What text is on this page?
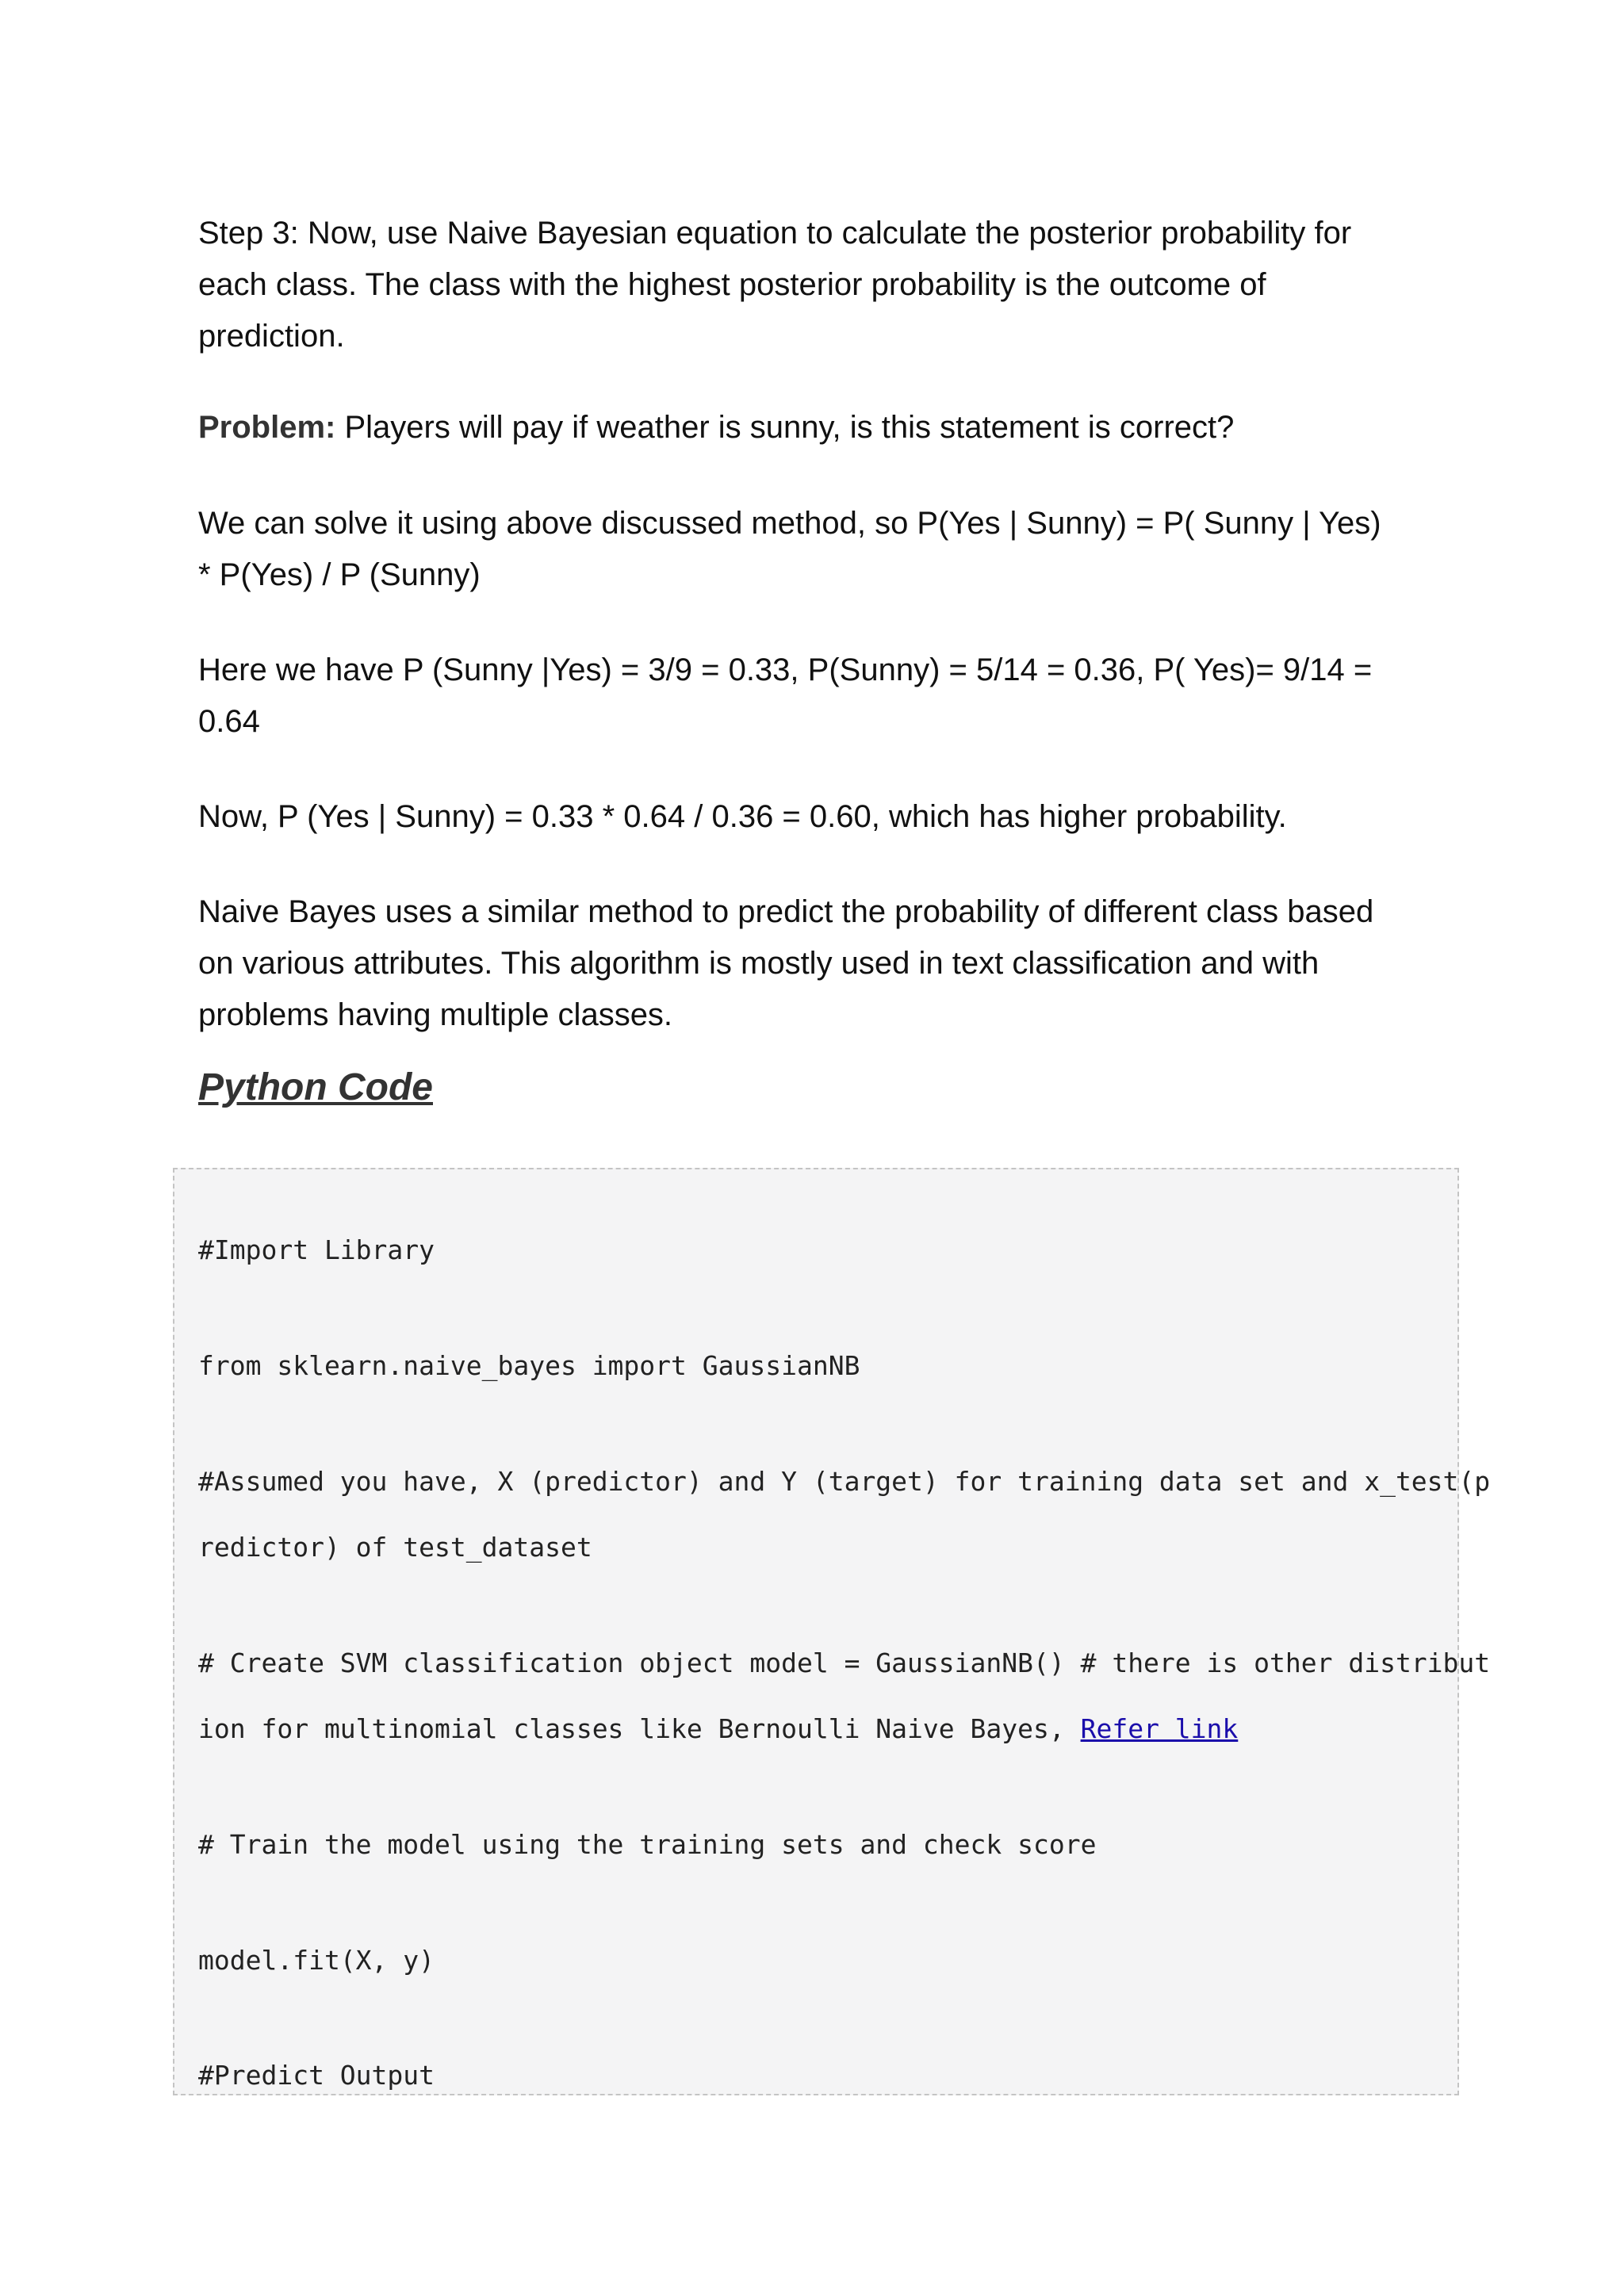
Step 3: Now, use Naive Bayesian equation to calculate the posterior probability for
each class. The class with the highest posterior probability is the outcome of
prediction.
Problem: Players will pay if weather is sunny, is this statement is correct?
We can solve it using above discussed method, so P(Yes | Sunny) = P( Sunny | Yes)
* P(Yes) / P (Sunny)
Here we have P (Sunny |Yes) = 3/9 = 0.33, P(Sunny) = 5/14 = 0.36, P( Yes)= 9/14 =
0.64
Now, P (Yes | Sunny) = 0.33 * 0.64 / 0.36 = 0.60, which has higher probability.
Naive Bayes uses a similar method to predict the probability of different class based
on various attributes. This algorithm is mostly used in text classification and with
problems having multiple classes.
Python Code
#Import Library
from sklearn.naive_bayes import GaussianNB
#Assumed you have, X (predictor) and Y (target) for training data set and x_test(p
redictor) of test_dataset
# Create SVM classification object model = GaussianNB() # there is other distribut
ion for multinomial classes like Bernoulli Naive Bayes, Refer link
# Train the model using the training sets and check score
model.fit(X, y)
#Predict Output
